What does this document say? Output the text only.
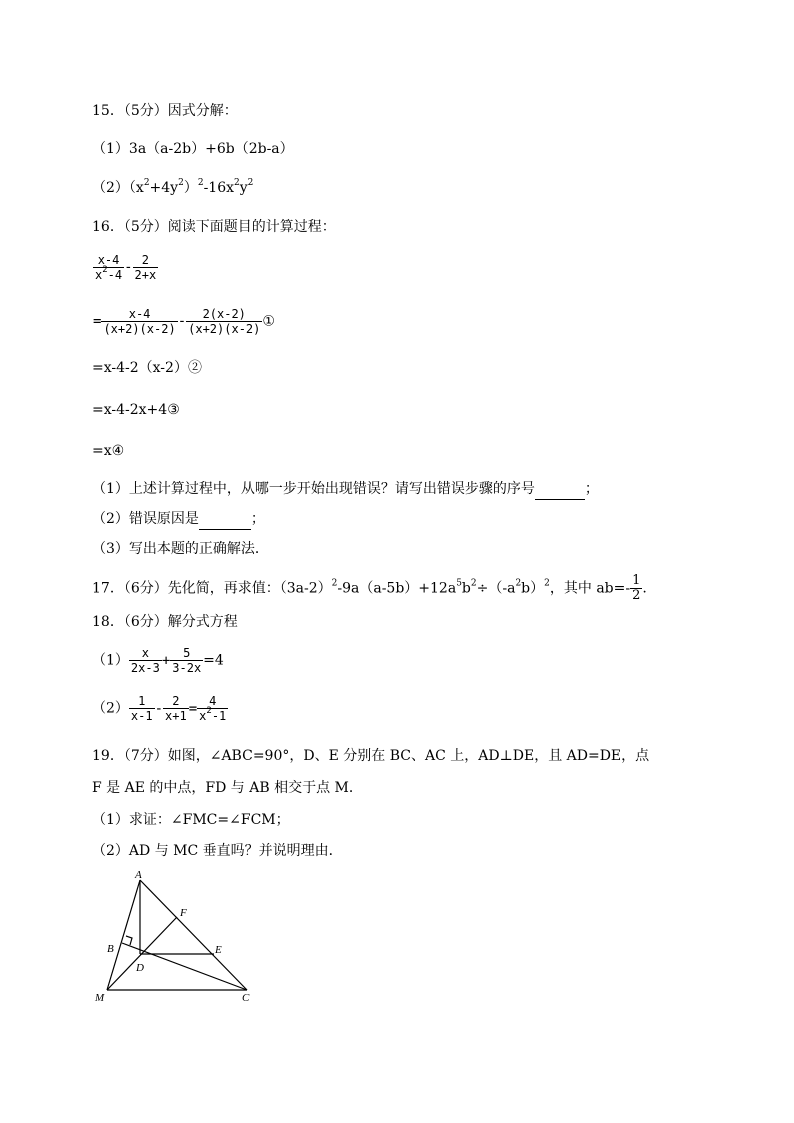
15．（5分）因式分解：
（1）3a（a-2b）+6b（2b-a）
$(2)(x^2+4y^2)^2-16x^2y^2$
16．（5分）阅读下面题目的计算过程：
$\frac{x-4}{x^2-4} - \frac{2}{2+x}$
= $\frac{x-4}{(x+2)(x-2)} - \frac{2(x-2)}{(x+2)(x-2)}$ ①
=x-4-2（x-2）②
=x-4-2x+4③
=x④
（1）上述计算过程中，从哪一步开始出现错误？请写出错误步骤的序号	；
（2）错误原因是	；
（3）写出本题的正确解法．
17．（6分）先化简，再求值：$(3a-2)^2-9a(a-5b)+12a^5b^2\div(-a^2b)^2$，其中 $ab=- \frac{1}{2}$ .
18．（6分）解分式方程
$(1) \frac{x}{2x-3} + \frac{5}{3-2x} =4$
$(2) \frac{1}{x-1} - \frac{2}{x+1} = \frac{4}{x^2-1}$
19．（7分）如图，∠ABC=90°，D、E 分别在 BC、AC 上，AD⊥DE，且 AD=DE，点
F 是 AE 的中点，FD 与 AB 相交于点 M．
（1）求证：∠FMC=∠FCM；
（2）AD 与 MC 垂直吗？并说明理由．
A
F
B	E
D
M	C
